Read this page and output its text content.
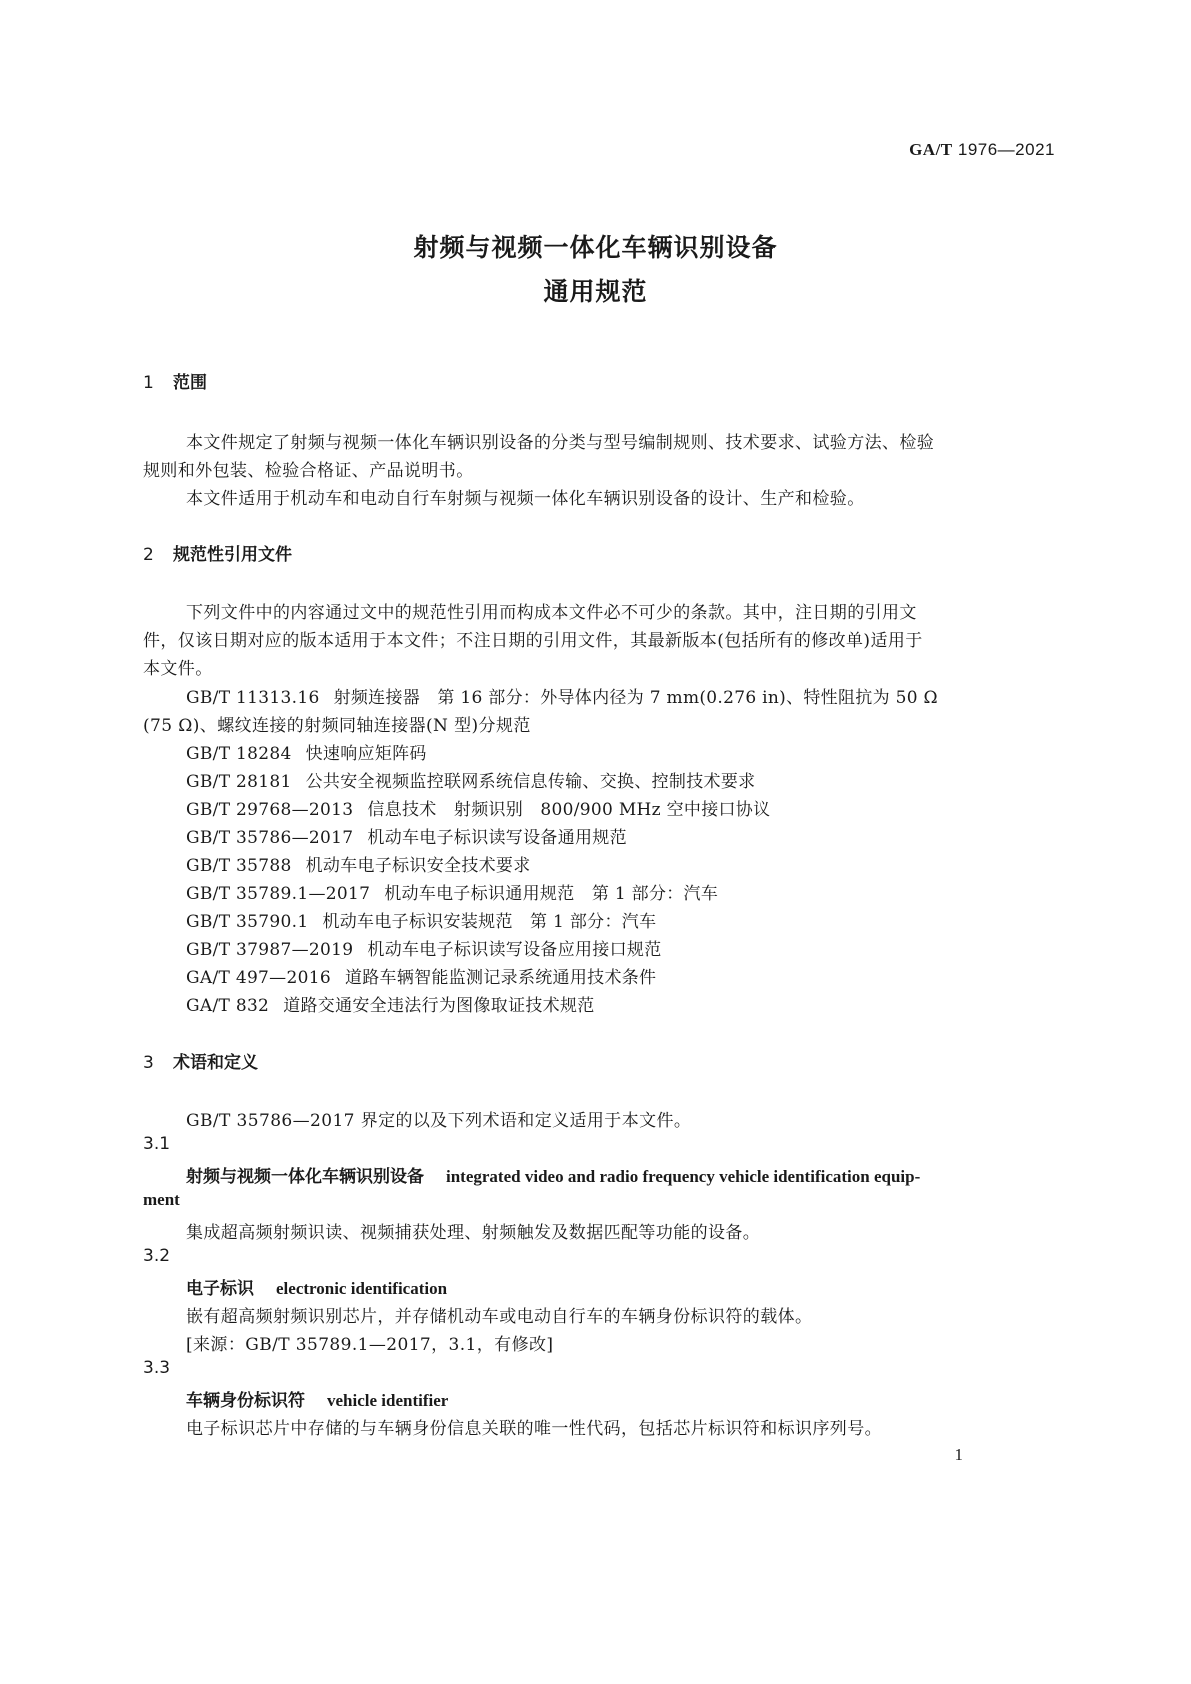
GA/T 1976—2021
射频与视频一体化车辆识别设备
通用规范
1 范围
本文件规定了射频与视频一体化车辆识别设备的分类与型号编制规则、技术要求、试验方法、检验
规则和外包装、检验合格证、产品说明书。
本文件适用于机动车和电动自行车射频与视频一体化车辆识别设备的设计、生产和检验。
2 规范性引用文件
下列文件中的内容通过文中的规范性引用而构成本文件必不可少的条款。其中，注日期的引用文
件，仅该日期对应的版本适用于本文件；不注日期的引用文件，其最新版本(包括所有的修改单)适用于
本文件。
GB/T 11313.16 射频连接器　第 16 部分：外导体内径为 7 mm(0.276 in)、特性阻抗为 50 Ω
(75 Ω)、螺纹连接的射频同轴连接器(N 型)分规范
GB/T 18284 快速响应矩阵码
GB/T 28181 公共安全视频监控联网系统信息传输、交换、控制技术要求
GB/T 29768—2013 信息技术　射频识别　800/900 MHz 空中接口协议
GB/T 35786—2017 机动车电子标识读写设备通用规范
GB/T 35788 机动车电子标识安全技术要求
GB/T 35789.1—2017 机动车电子标识通用规范　第 1 部分：汽车
GB/T 35790.1 机动车电子标识安装规范　第 1 部分：汽车
GB/T 37987—2019 机动车电子标识读写设备应用接口规范
GA/T 497—2016 道路车辆智能监测记录系统通用技术条件
GA/T 832 道路交通安全违法行为图像取证技术规范
3 术语和定义
GB/T 35786—2017 界定的以及下列术语和定义适用于本文件。
3.1
射频与视频一体化车辆识别设备 integrated video and radio frequency vehicle identification equip-
ment
集成超高频射频识读、视频捕获处理、射频触发及数据匹配等功能的设备。
3.2
电子标识 electronic identification
嵌有超高频射频识别芯片，并存储机动车或电动自行车的车辆身份标识符的载体。
[来源：GB/T 35789.1—2017，3.1，有修改]
3.3
车辆身份标识符 vehicle identifier
电子标识芯片中存储的与车辆身份信息关联的唯一性代码，包括芯片标识符和标识序列号。
1
